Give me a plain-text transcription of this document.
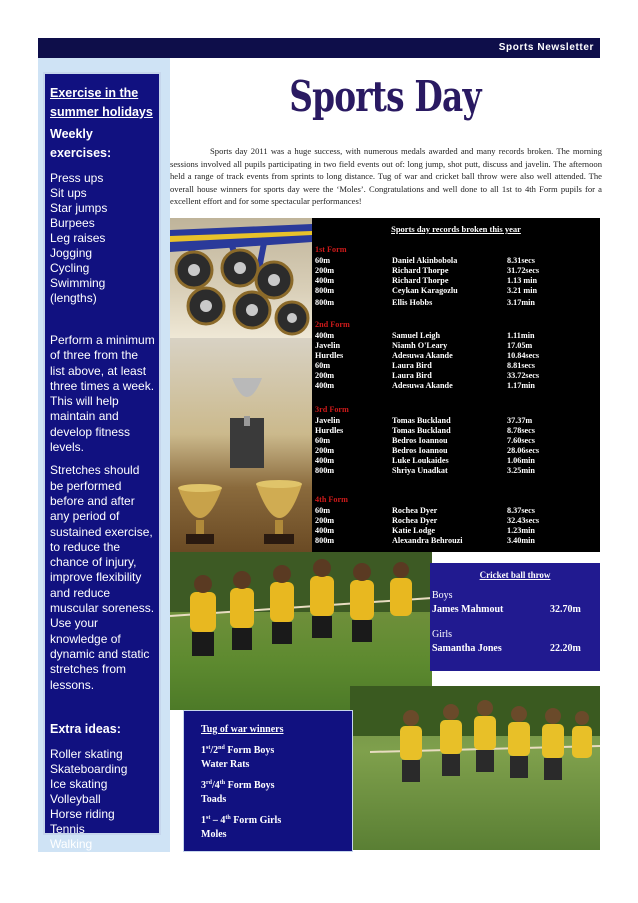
Sports Newsletter
Exercise in the summer holidays
Weekly exercises:
Press ups
Sit ups
Star jumps
Burpees
Leg raises
Jogging
Cycling
Swimming (lengths)

Perform a minimum of three from the list above, at least three times a week. This will help maintain and develop fitness levels.

Stretches should be performed before and after any period of sustained exercise, to reduce the chance of injury, improve flexibility and reduce muscular soreness. Use your knowledge of dynamic and static stretches from lessons.

Extra ideas:
Roller skating
Skateboarding
Ice skating
Volleyball
Horse riding
Tennis
Walking
Gymnasium
Sports Day
Sports day 2011 was a huge success, with numerous medals awarded and many records broken. The morning sessions involved all pupils participating in two field events out of: long jump, shot putt, discuss and javelin. The afternoon held a range of track events from sprints to long distance. Tug of war and cricket ball throw were also well attended. The overall house winners for sports day were the ‘Moles’. Congratulations and well done to all 1st to 4th Form pupils for a excellent effort and for some spectacular performances!
Sports day records broken this year
1st Form
60m	Daniel Akinbobola	8.31secs
200m	Richard Thorpe	31.72secs
400m	Richard Thorpe	1.13 min
800m	Ceykan Karagozlu	3.21 min
800m	Ellis Hobbs	3.17min
2nd Form
400m	Samuel Leigh	1.11min
Javelin	Niamh O'Leary	17.05m
Hurdles	Adesuwa Akande	10.84secs
60m	Laura Bird	8.81secs
200m	Laura Bird	33.72secs
400m	Adesuwa Akande	1.17min
3rd Form
Javelin	Tomas Buckland	37.37m
Hurdles	Tomas Buckland	8.78secs
60m	Bedros Ioannou	7.60secs
200m	Bedros Ioannou	28.06secs
400m	Luke Loukaides	1.06min
800m	Shriya Unadkat	3.25min
4th Form
60m	Rochea Dyer	8.37secs
200m	Rochea Dyer	32.43secs
400m	Katie Lodge	1.23min
800m	Alexandra Behrouzi	3.40min
Cricket ball throw
Boys
James Mahmout	32.70m
Girls
Samantha Jones	22.20m
Tug of war winners

1st/2nd Form Boys

Water Rats

3rd/4th Form Boys

Toads

1st – 4th Form Girls

Moles
